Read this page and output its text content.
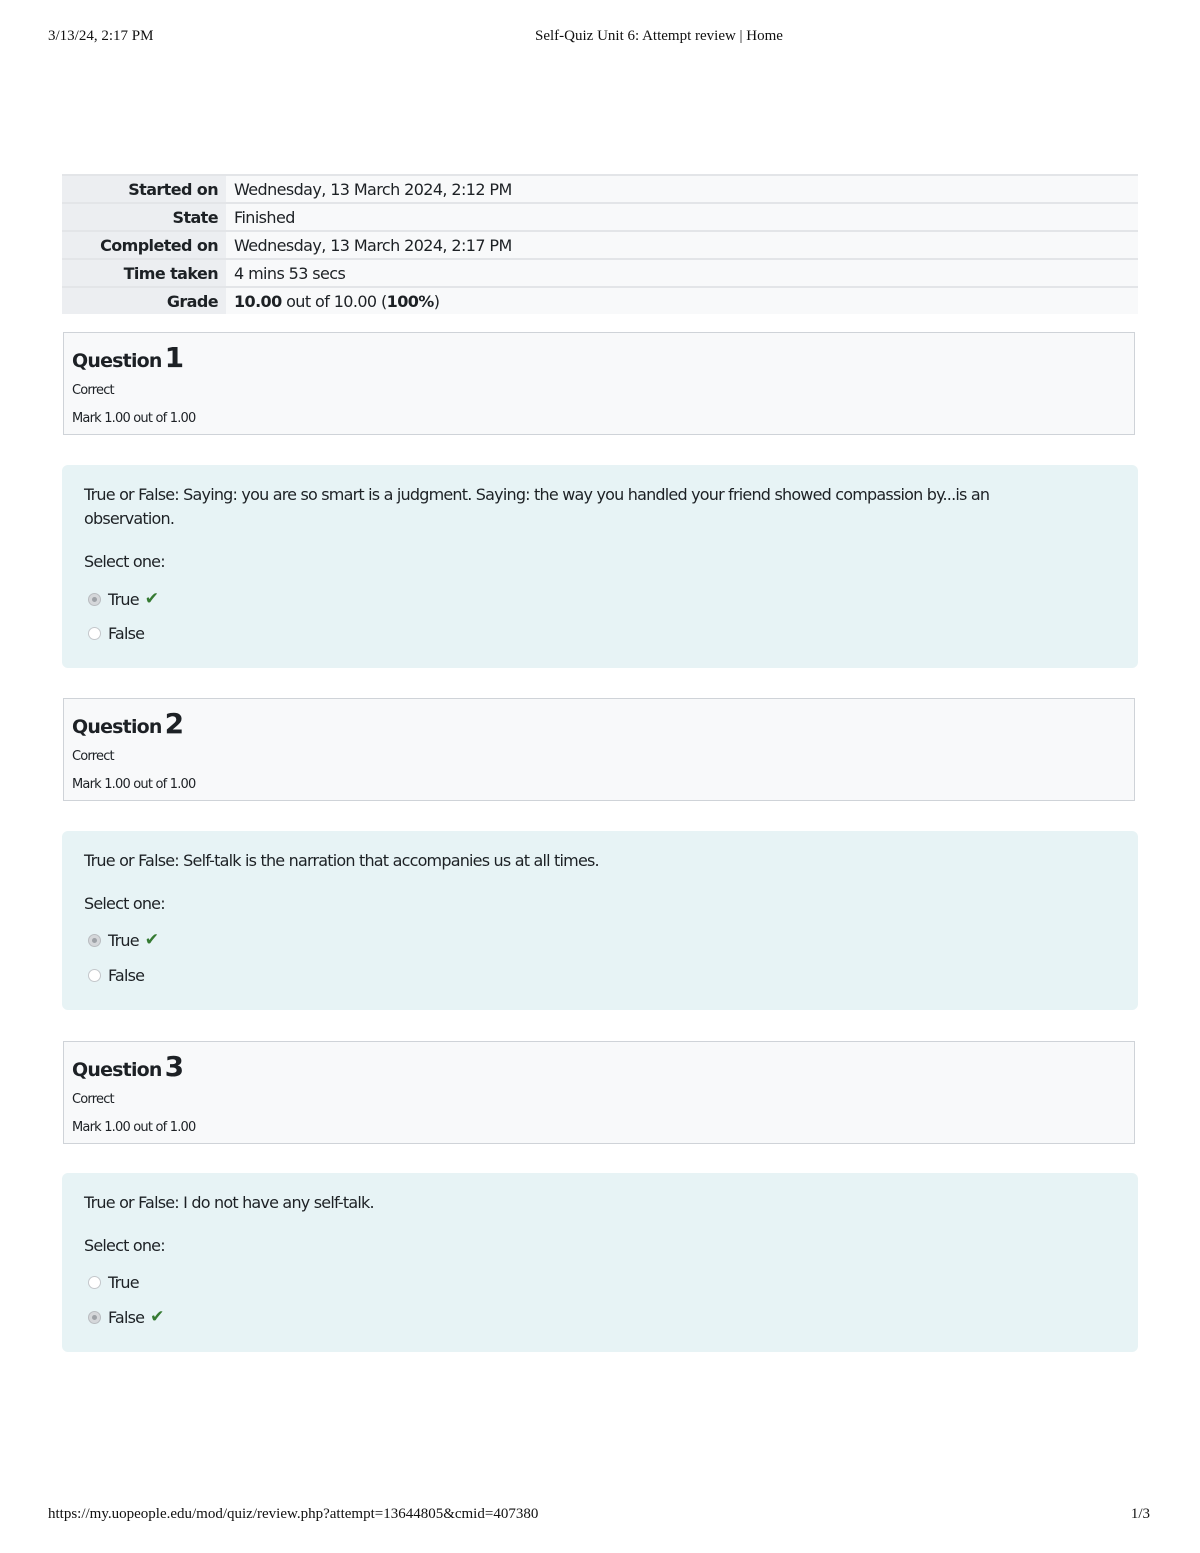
3/13/24, 2:17 PM	Self-Quiz Unit 6: Attempt review | Home
Started on	Wednesday, 13 March 2024, 2:12 PM
State	Finished
Completed on	Wednesday, 13 March 2024, 2:17 PM
Time taken	4 mins 53 secs
Grade	10.00 out of 10.00 (100%)
Question 1
Correct
Mark 1.00 out of 1.00
True or False: Saying: you are so smart is a judgment. Saying: the way you handled your friend showed compassion by...is an observation.
Select one:
True ✔
False
Question 2
Correct
Mark 1.00 out of 1.00
True or False: Self-talk is the narration that accompanies us at all times.
Select one:
True ✔
False
Question 3
Correct
Mark 1.00 out of 1.00
True or False: I do not have any self-talk.
Select one:
True
False ✔
https://my.uopeople.edu/mod/quiz/review.php?attempt=13644805&cmid=407380	1/3
